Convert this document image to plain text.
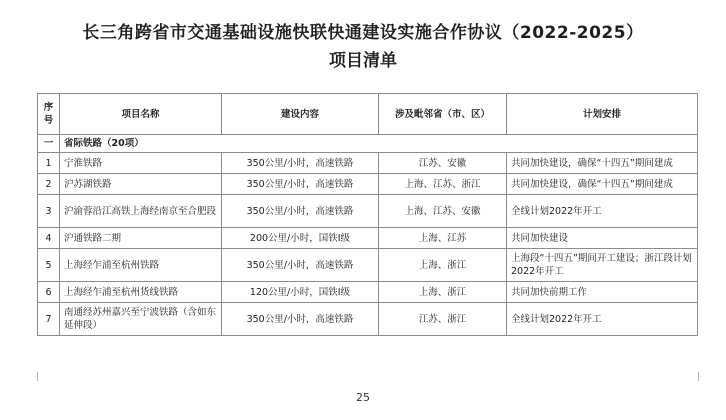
长三角跨省市交通基础设施快联快通建设实施合作协议（2022-2025）
项目清单
序号	项目名称	建设内容	涉及毗邻省（市、区）	计划安排
一	省际铁路（20项）			
1	宁淮铁路	350公里/小时，高速铁路	江苏、安徽	共同加快建设，确保“十四五”期间建成
2	沪苏湖铁路	350公里/小时，高速铁路	上海、江苏、浙江	共同加快建设，确保“十四五”期间建成
3	沪渝蓉沿江高铁上海经南京至合肥段	350公里/小时，高速铁路	上海、江苏、安徽	全线计划2022年开工
4	沪通铁路二期	200公里/小时，国铁Ⅰ级	上海、江苏	共同加快建设
5	上海经乍浦至杭州铁路	350公里/小时，高速铁路	上海、浙江	上海段“十四五”期间开工建设；浙江段计划2022年开工
6	上海经乍浦至杭州货线铁路	120公里/小时，国铁Ⅰ级	上海、浙江	共同加快前期工作
7	南通经苏州嘉兴至宁波铁路（含如东延伸段）	350公里/小时，高速铁路	江苏、浙江	全线计划2022年开工
25
